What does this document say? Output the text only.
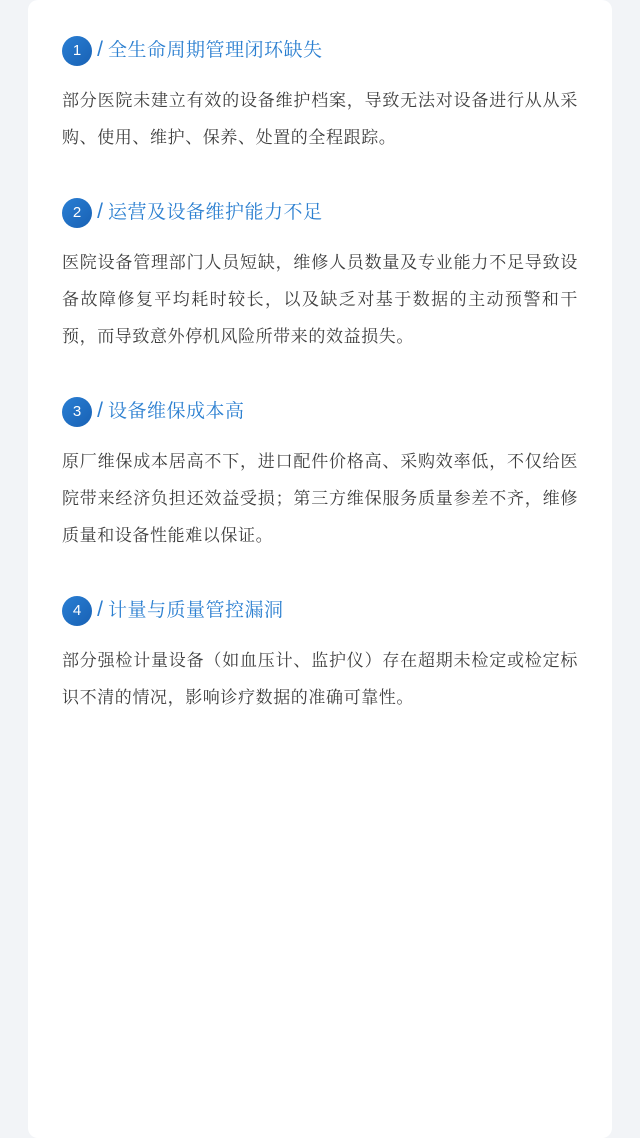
1 / 全生命周期管理闭环缺失
部分医院未建立有效的设备维护档案，导致无法对设备进行从从采购、使用、维护、保养、处置的全程跟踪。
2 / 运营及设备维护能力不足
医院设备管理部门人员短缺，维修人员数量及专业能力不足导致设备故障修复平均耗时较长，以及缺乏对基于数据的主动预警和干预，而导致意外停机风险所带来的效益损失。
3 / 设备维保成本高
原厂维保成本居高不下，进口配件价格高、采购效率低，不仅给医院带来经济负担还效益受损；第三方维保服务质量参差不齐，维修质量和设备性能难以保证。
4 / 计量与质量管控漏洞
部分强检计量设备（如血压计、监护仪）存在超期未检定或检定标识不清的情况，影响诊疗数据的准确可靠性。
